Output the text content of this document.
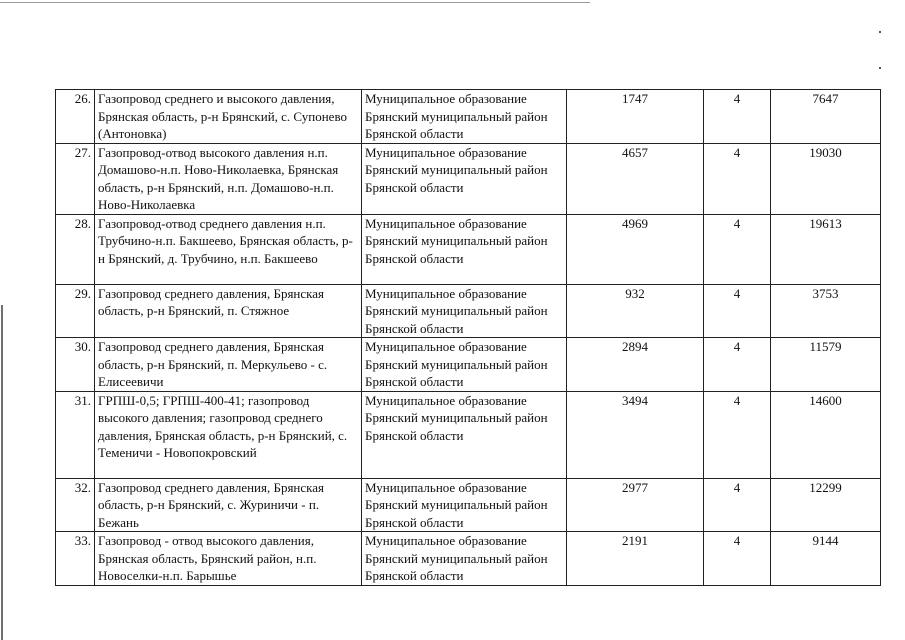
26.	Газопровод среднего и высокого давления, Брянская область, р-н Брянский, с. Супонево (Антоновка)	Муниципальное образование Брянский муниципальный район Брянской области	1747	4	7647
27.	Газопровод-отвод высокого давления н.п. Домашово-н.п. Ново-Николаевка, Брянская область, р-н Брянский, н.п. Домашово-н.п. Ново-Николаевка	Муниципальное образование Брянский муниципальный район Брянской области	4657	4	19030
28.	Газопровод-отвод среднего давления н.п. Трубчино-н.п. Бакшеево, Брянская область, р-н Брянский, д. Трубчино, н.п. Бакшеево	Муниципальное образование Брянский муниципальный район Брянской области	4969	4	19613
29.	Газопровод среднего давления, Брянская область, р-н Брянский, п. Стяжное	Муниципальное образование Брянский муниципальный район Брянской области	932	4	3753
30.	Газопровод среднего давления, Брянская область, р-н Брянский, п. Меркульево - с. Елисеевичи	Муниципальное образование Брянский муниципальный район Брянской области	2894	4	11579
31.	ГРПШ-0,5; ГРПШ-400-41; газопровод высокого давления; газопровод среднего давления, Брянская область, р-н Брянский, с. Теменичи - Новопокровский	Муниципальное образование Брянский муниципальный район Брянской области	3494	4	14600
32.	Газопровод среднего давления, Брянская область, р-н Брянский, с. Журиничи - п. Бежань	Муниципальное образование Брянский муниципальный район Брянской области	2977	4	12299
33.	Газопровод - отвод высокого давления, Брянская область, Брянский район, н.п. Новоселки-н.п. Барышье	Муниципальное образование Брянский муниципальный район Брянской области	2191	4	9144
